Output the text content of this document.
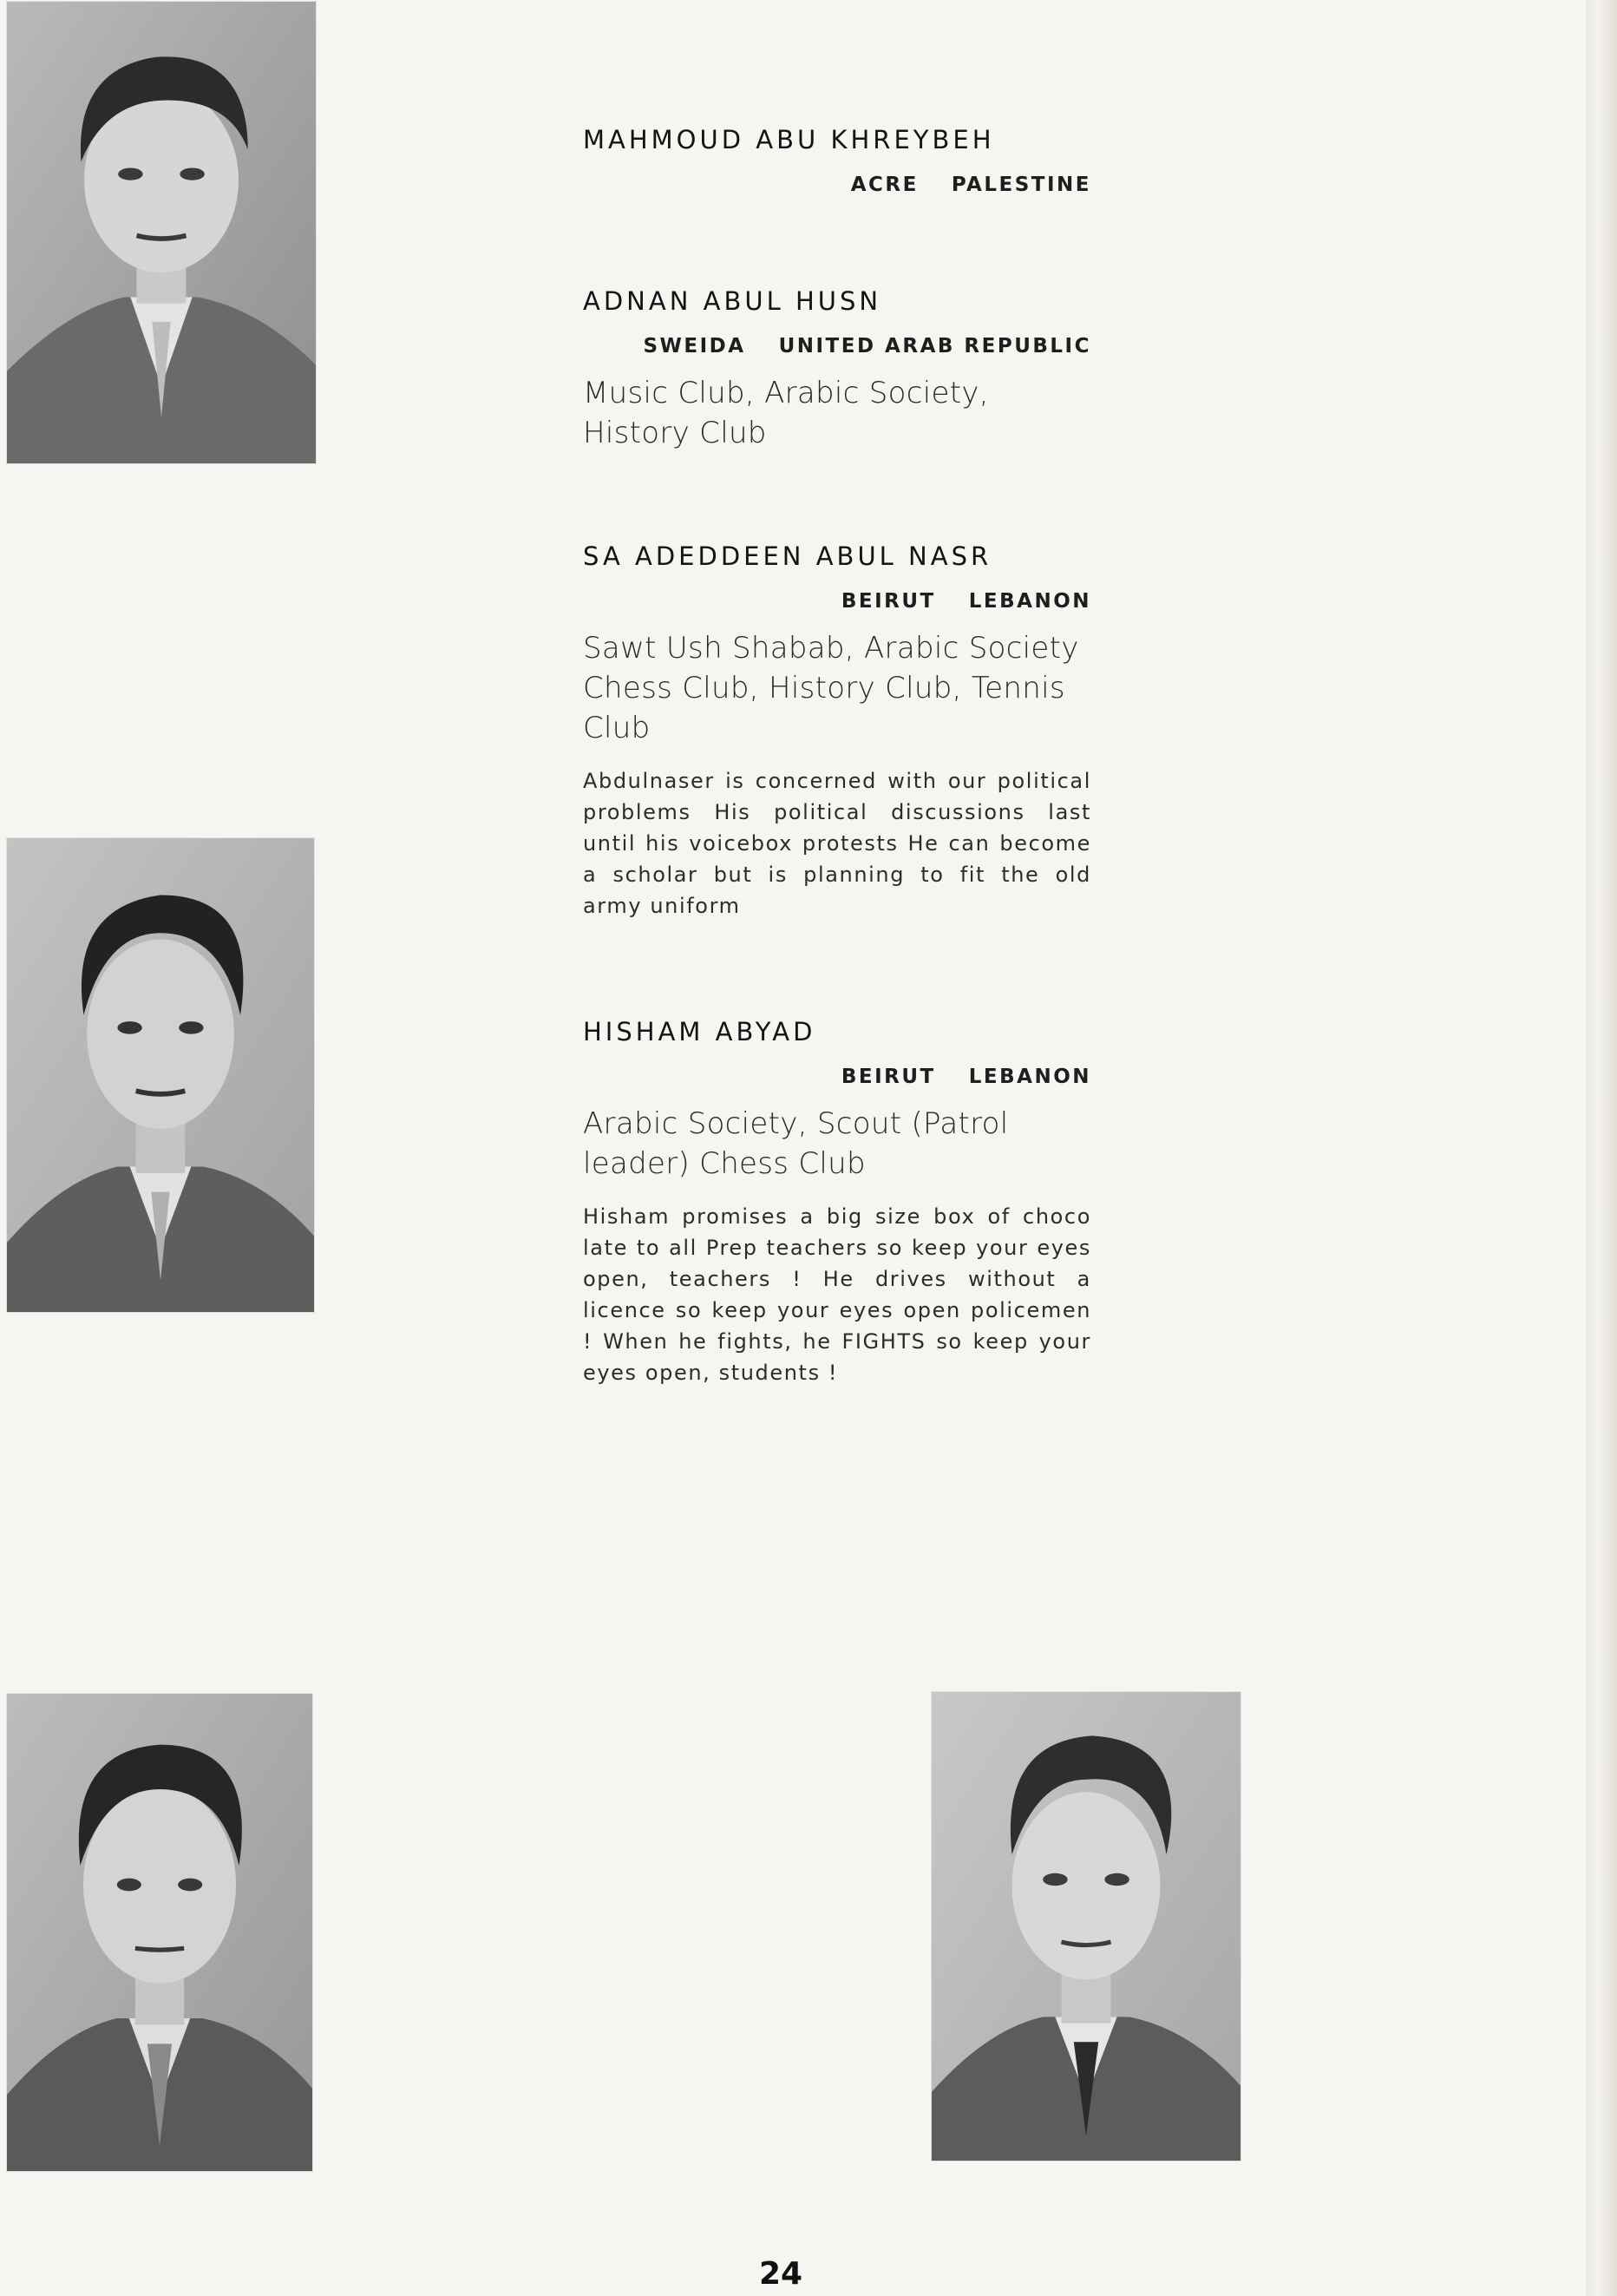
MAHMOUD ABU KHREYBEH
ACRE PALESTINE
ADNAN ABUL HUSN
SWEIDA UNITED ARAB REPUBLIC
Music Club, Arabic Society, History Club
SA ADEDDEEN ABUL NASR
BEIRUT LEBANON
Sawt Ush Shabab, Arabic Society Chess Club, History Club, Tennis Club
Abdulnaser is concerned with our political problems His political discussions last until his voicebox protests He can become a scholar but is planning to fit the old army uniform
HISHAM ABYAD
BEIRUT LEBANON
Arabic Society, Scout (Patrol leader) Chess Club
Hisham promises a big size box of choco late to all Prep teachers so keep your eyes open, teachers ! He drives without a licence so keep your eyes open policemen ! When he fights, he FIGHTS so keep your eyes open, students !
24
